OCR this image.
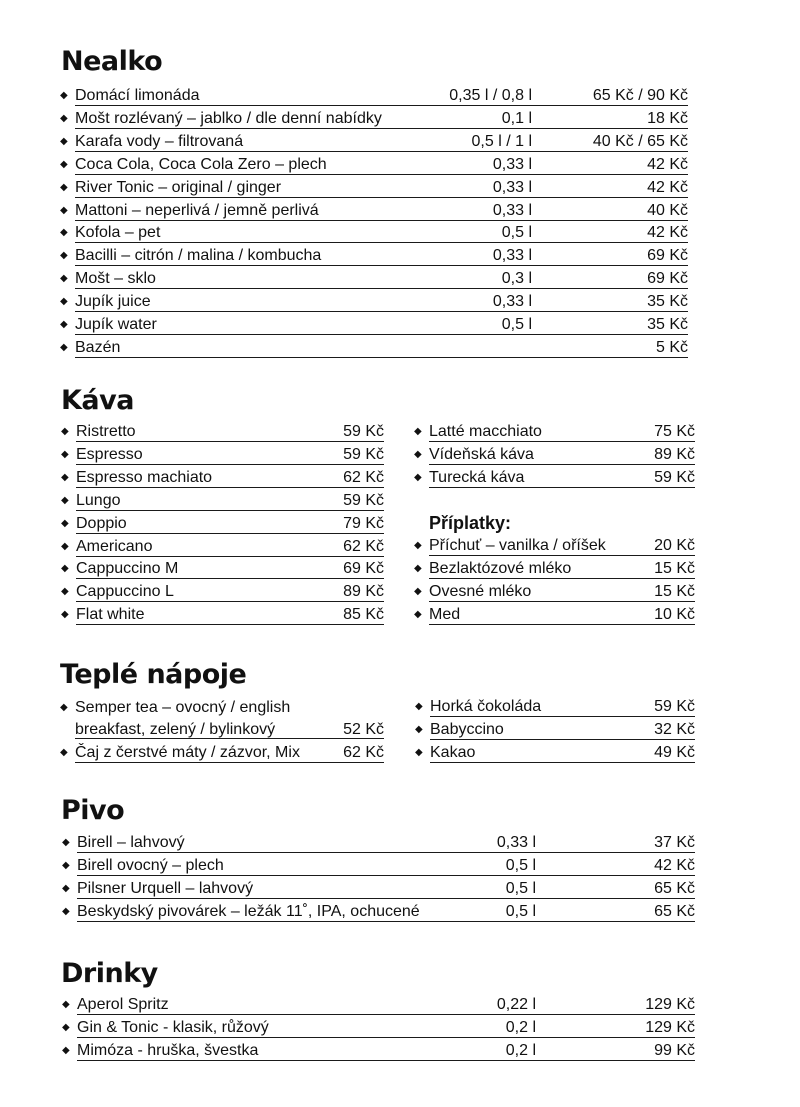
Nealko
◆ Domácí limonáda	0,35 l / 0,8 l	65 Kč / 90 Kč
◆ Mošt rozlévaný – jablko / dle denní nabídky	0,1 l	18 Kč
◆ Karafa vody – filtrovaná	0,5 l / 1 l	40 Kč / 65 Kč
◆ Coca Cola, Coca Cola Zero – plech	0,33 l	42 Kč
◆ River Tonic – original / ginger	0,33 l	42 Kč
◆ Mattoni – neperlivá / jemně perlivá	0,33 l	40 Kč
◆ Kofola – pet	0,5 l	42 Kč
◆ Bacilli – citrón / malina / kombucha	0,33 l	69 Kč
◆ Mošt – sklo	0,3 l	69 Kč
◆ Jupík juice	0,33 l	35 Kč
◆ Jupík water	0,5 l	35 Kč
◆ Bazén	5 Kč
Káva
◆ Ristretto	59 Kč
◆ Espresso	59 Kč
◆ Espresso machiato	62 Kč
◆ Lungo	59 Kč
◆ Doppio	79 Kč
◆ Americano	62 Kč
◆ Cappuccino M	69 Kč
◆ Cappuccino L	89 Kč
◆ Flat white	85 Kč
◆ Latté macchiato	75 Kč
◆ Vídeňská káva	89 Kč
◆ Turecká káva	59 Kč
Příplatky:
◆ Příchuť – vanilka / oříšek	20 Kč
◆ Bezlaktózové mléko	15 Kč
◆ Ovesné mléko	15 Kč
◆ Med	10 Kč
Teplé nápoje
◆ Semper tea – ovocný / english
breakfast, zelený / bylinkový	52 Kč
◆ Čaj z čerstvé máty / zázvor, Mix	62 Kč
◆ Horká čokoláda	59 Kč
◆ Babyccino	32 Kč
◆ Kakao	49 Kč
Pivo
◆ Birell – lahvový	0,33 l	37 Kč
◆ Birell ovocný – plech	0,5 l	42 Kč
◆ Pilsner Urquell – lahvový	0,5 l	65 Kč
◆ Beskydský pivovárek – ležák 11˚, IPA, ochucené	0,5 l	65 Kč
Drinky
◆ Aperol Spritz	0,22 l	129 Kč
◆ Gin & Tonic - klasik, růžový	0,2 l	129 Kč
◆ Mimóza - hruška, švestka	0,2 l	99 Kč
